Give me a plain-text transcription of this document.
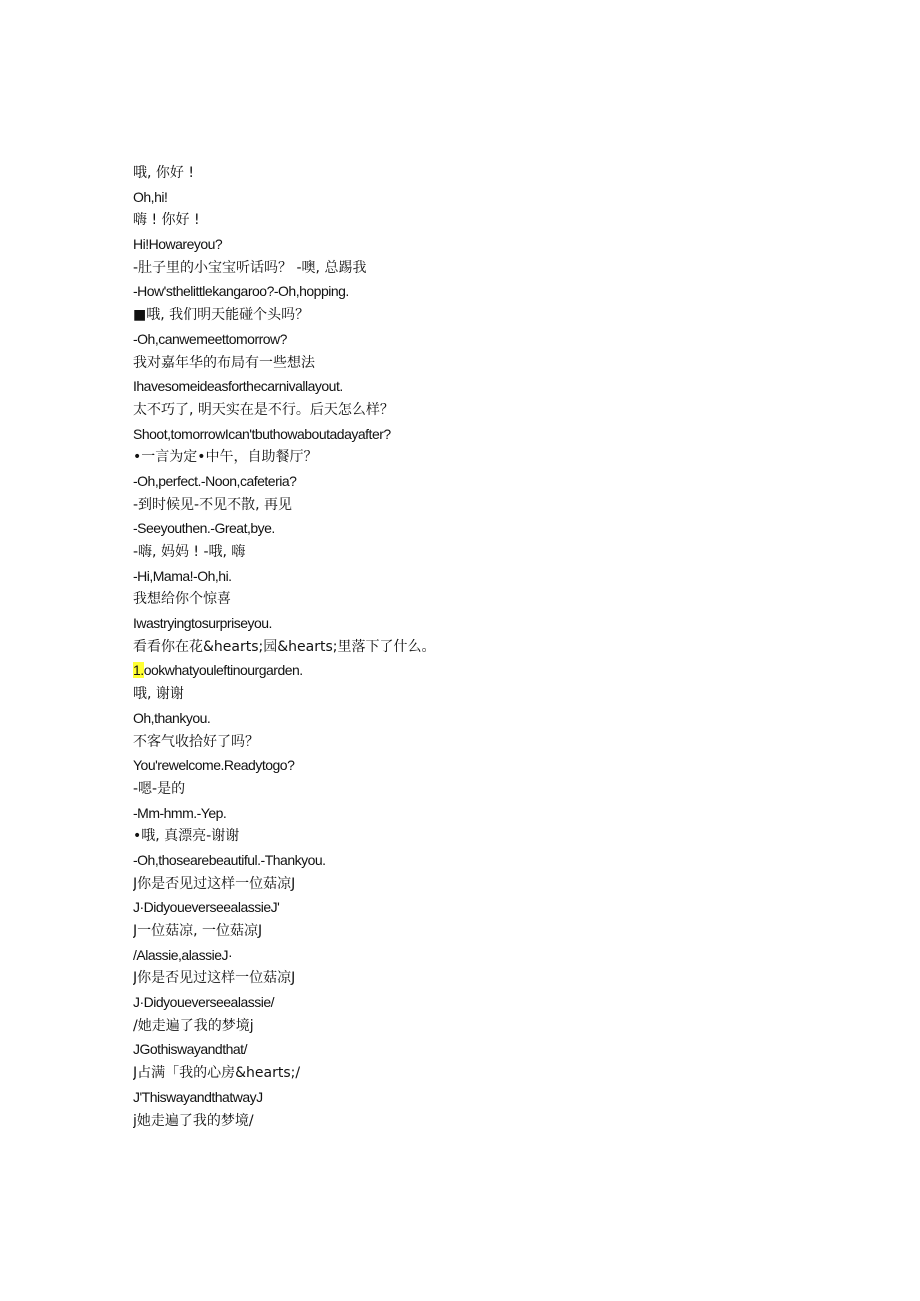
哦, 你好 !
Oh,hi!
嗨 ! 你好 !
Hi!Howareyou?
-肚子里的小宝宝听话吗？ -噢, 总踢我
-How'sthelittlekangaroo?-Oh,hopping.
■哦, 我们明天能碰个头吗？
-Oh,canwemeettomorrow?
我对嘉年华的布局有一些想法
Ihavesomeideasforthecarnivallayout.
太不巧了, 明天实在是不行。后天怎么样？
Shoot,tomorrowIcan'tbuthowaboutadayafter?
•一言为定•中午，自助餐厅？
-Oh,perfect.-Noon,cafeteria?
-到时候见-不见不散, 再见
-Seeyouthen.-Great,bye.
-嗨, 妈妈 ! -哦, 嗨
-Hi,Mama!-Oh,hi.
我想给你个惊喜
Iwastryingtosurpriseyou.
看看你在花&hearts;园&hearts;里落下了什么。
1.ookwhatyouleftinourgarden.
哦, 谢谢
Oh,thankyou.
不客气收拾好了吗？
You'rewelcome.Readytogo?
-嗯-是的
-Mm-hmm.-Yep.
•哦, 真漂亮-谢谢
-Oh,thosearebeautiful.-Thankyou.
J你是否见过这样一位菇凉J
J·DidyoueverseealassieJ'
J一位菇凉, 一位菇凉J
/Alassie,alassieJ·
J你是否见过这样一位菇凉J
J·Didyoueverseealassie/
/她走遍了我的梦境j
JGothiswayandthat/
J占满「我的心房&hearts;/
J'ThiswayandthatwayJ
j她走遍了我的梦境/
